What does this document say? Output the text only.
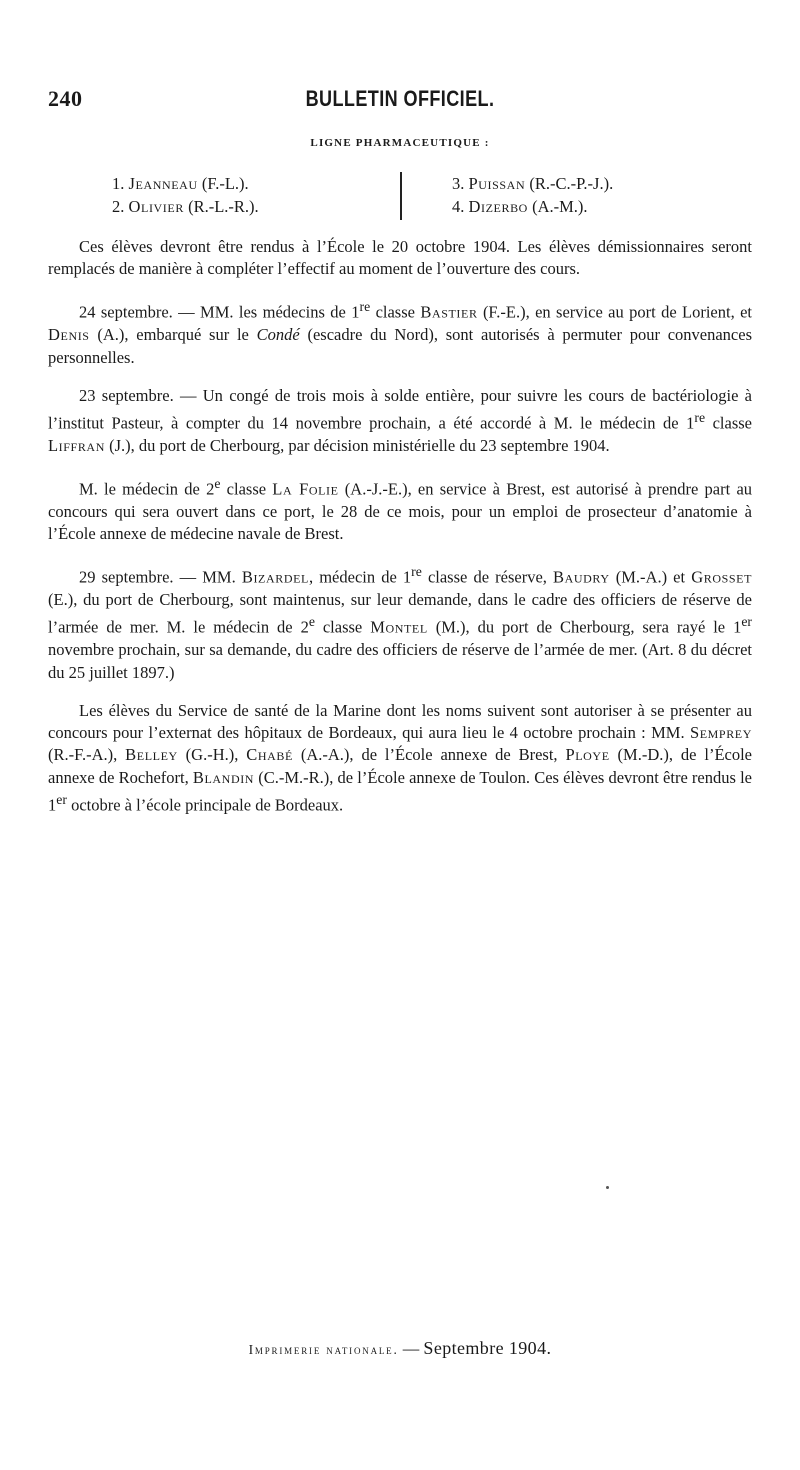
240	BULLETIN OFFICIEL.
LIGNE PHARMACEUTIQUE :
1. Jeanneau (F.-L.).
2. Olivier (R.-L.-R.).
3. Puissan (R.-C.-P.-J.).
4. Dizerbo (A.-M.).

Ces élèves devront être rendus à l’École le 20 octobre 1904. Les élèves démissionnaires seront remplacés de manière à compléter l’effectif au moment de l’ouverture des cours.

24 septembre. — MM. les médecins de 1re classe Bastier (F.-E.), en service au port de Lorient, et Denis (A.), embarqué sur le Condé (escadre du Nord), sont autorisés à permuter pour convenances personnelles.

23 septembre. — Un congé de trois mois à solde entière, pour suivre les cours de bactériologie à l’institut Pasteur, à compter du 14 novembre prochain, a été accordé à M. le médecin de 1re classe Liffran (J.), du port de Cherbourg, par décision ministérielle du 23 septembre 1904.

M. le médecin de 2e classe La Folie (A.-J.-E.), en service à Brest, est autorisé à prendre part au concours qui sera ouvert dans ce port, le 28 de ce mois, pour un emploi de prosecteur d’anatomie à l’École annexe de médecine navale de Brest.

29 septembre. — MM. Bizardel, médecin de 1re classe de réserve, Baudry (M.-A.) et Grosset (E.), du port de Cherbourg, sont maintenus, sur leur demande, dans le cadre des officiers de réserve de l’armée de mer. M. le médecin de 2e classe Montel (M.), du port de Cherbourg, sera rayé le 1er novembre prochain, sur sa demande, du cadre des officiers de réserve de l’armée de mer. (Art. 8 du décret du 25 juillet 1897.)

Les élèves du Service de santé de la Marine dont les noms suivent sont autoriser à se présenter au concours pour l’externat des hôpitaux de Bordeaux, qui aura lieu le 4 octobre prochain : MM. Semprey (R.-F.-A.), Belley (G.-H.), Chabé (A.-A.), de l’École annexe de Brest, Ploye (M.-D.), de l’École annexe de Rochefort, Blandin (C.-M.-R.), de l’École annexe de Toulon. Ces élèves devront être rendus le 1er octobre à l’école principale de Bordeaux.

Imprimerie nationale. — Septembre 1904.
